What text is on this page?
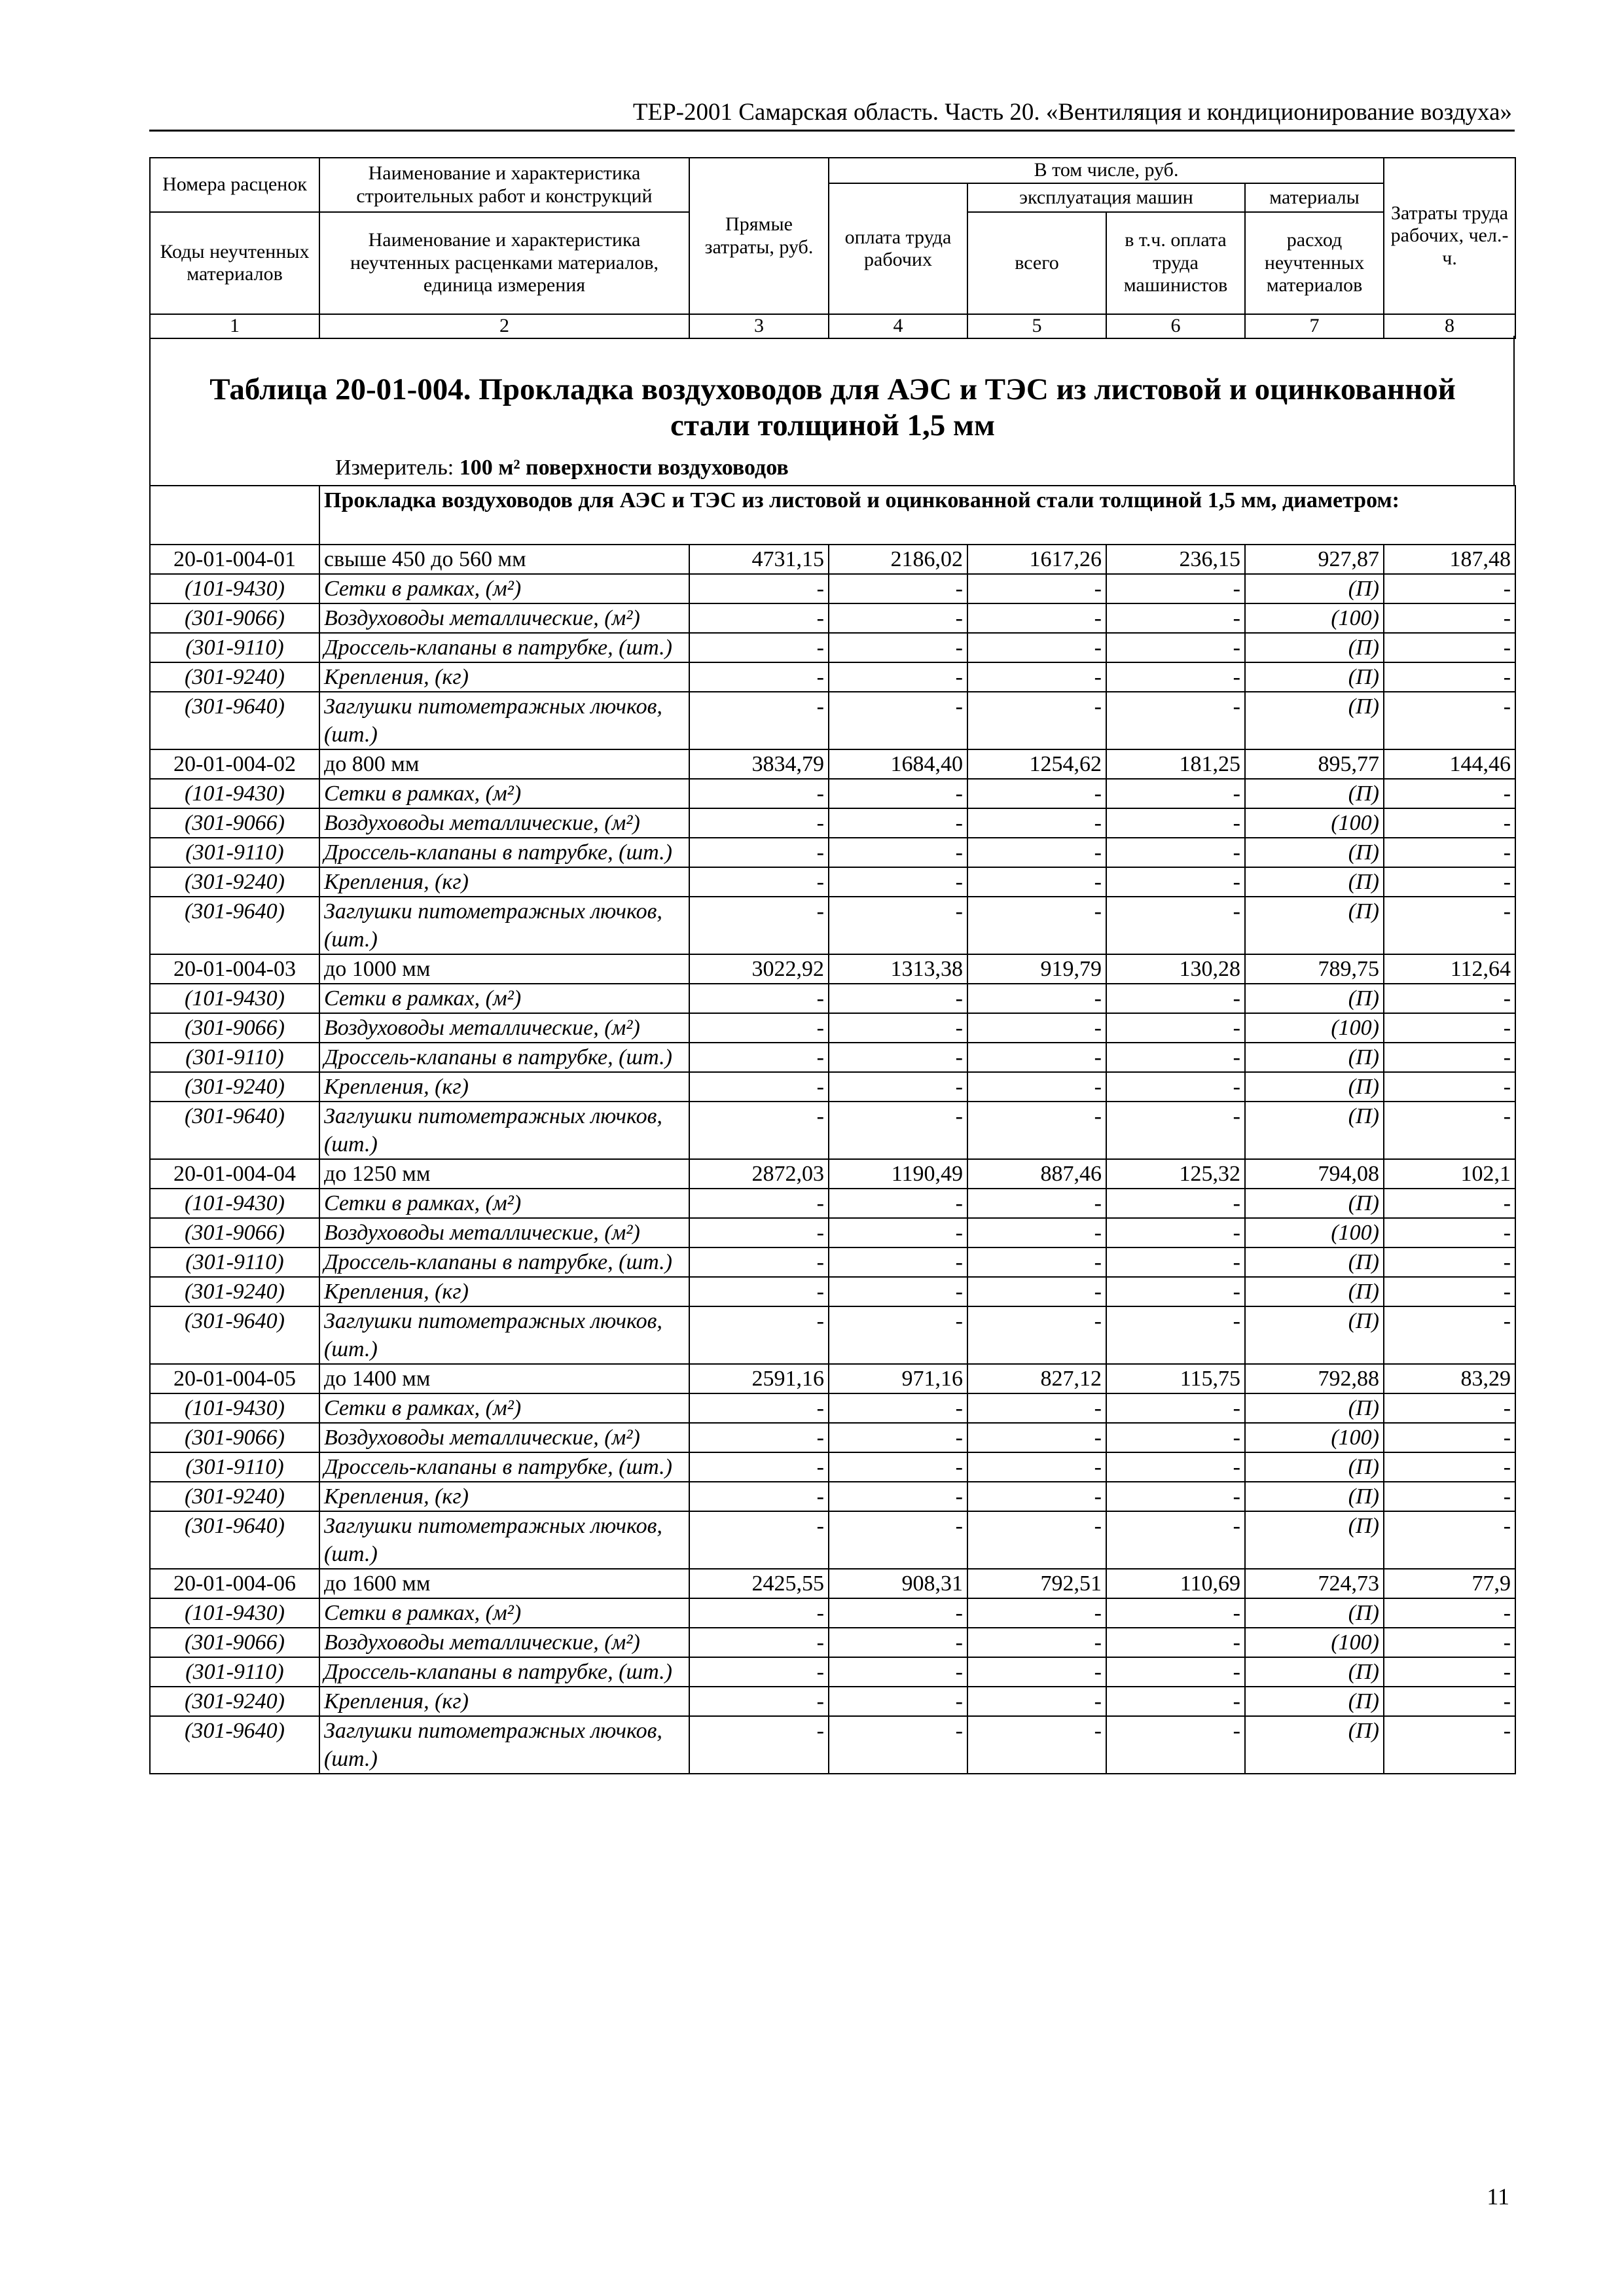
ТЕР-2001 Самарская область. Часть 20. «Вентиляция и кондиционирование воздуха»
Номера расценок	Наименование и характеристика строительных работ и конструкций	Прямые затраты, руб.	В том числе, руб.				Затраты труда рабочих, чел.-ч.
			оплата труда рабочих	эксплуатация машин		материалы	
Коды неучтенных материалов	Наименование и характеристика неучтенных расценками материалов, единица измерения			всего	в т.ч. оплата труда машинистов	расход неучтенных материалов	

1	2	3	4	5	6	7	8
Таблица 20-01-004. Прокладка воздуховодов для АЭС и ТЭС из листовой и оцинкованной стали толщиной 1,5 мм
Измеритель: 100 м² поверхности воздуховодов
	Прокладка воздуховодов для АЭС и ТЭС из листовой и оцинкованной стали толщиной 1,5 мм, диаметром:						
20-01-004-01	свыше 450 до 560 мм	4731,15	2186,02	1617,26	236,15	927,87	187,48
(101-9430)	Сетки в рамках, (м²)	-	-	-	-	(П)	-
(301-9066)	Воздуховоды металлические, (м²)	-	-	-	-	(100)	-
(301-9110)	Дроссель-клапаны в патрубке, (шт.)	-	-	-	-	(П)	-
(301-9240)	Крепления, (кг)	-	-	-	-	(П)	-
(301-9640)	Заглушки питометражных лючков, (шт.)	-	-	-	-	(П)	-
20-01-004-02	до 800 мм	3834,79	1684,40	1254,62	181,25	895,77	144,46
(101-9430)	Сетки в рамках, (м²)	-	-	-	-	(П)	-
(301-9066)	Воздуховоды металлические, (м²)	-	-	-	-	(100)	-
(301-9110)	Дроссель-клапаны в патрубке, (шт.)	-	-	-	-	(П)	-
(301-9240)	Крепления, (кг)	-	-	-	-	(П)	-
(301-9640)	Заглушки питометражных лючков, (шт.)	-	-	-	-	(П)	-
20-01-004-03	до 1000 мм	3022,92	1313,38	919,79	130,28	789,75	112,64
(101-9430)	Сетки в рамках, (м²)	-	-	-	-	(П)	-
(301-9066)	Воздуховоды металлические, (м²)	-	-	-	-	(100)	-
(301-9110)	Дроссель-клапаны в патрубке, (шт.)	-	-	-	-	(П)	-
(301-9240)	Крепления, (кг)	-	-	-	-	(П)	-
(301-9640)	Заглушки питометражных лючков, (шт.)	-	-	-	-	(П)	-
20-01-004-04	до 1250 мм	2872,03	1190,49	887,46	125,32	794,08	102,1
(101-9430)	Сетки в рамках, (м²)	-	-	-	-	(П)	-
(301-9066)	Воздуховоды металлические, (м²)	-	-	-	-	(100)	-
(301-9110)	Дроссель-клапаны в патрубке, (шт.)	-	-	-	-	(П)	-
(301-9240)	Крепления, (кг)	-	-	-	-	(П)	-
(301-9640)	Заглушки питометражных лючков, (шт.)	-	-	-	-	(П)	-
20-01-004-05	до 1400 мм	2591,16	971,16	827,12	115,75	792,88	83,29
(101-9430)	Сетки в рамках, (м²)	-	-	-	-	(П)	-
(301-9066)	Воздуховоды металлические, (м²)	-	-	-	-	(100)	-
(301-9110)	Дроссель-клапаны в патрубке, (шт.)	-	-	-	-	(П)	-
(301-9240)	Крепления, (кг)	-	-	-	-	(П)	-
(301-9640)	Заглушки питометражных лючков, (шт.)	-	-	-	-	(П)	-
20-01-004-06	до 1600 мм	2425,55	908,31	792,51	110,69	724,73	77,9
(101-9430)	Сетки в рамках, (м²)	-	-	-	-	(П)	-
(301-9066)	Воздуховоды металлические, (м²)	-	-	-	-	(100)	-
(301-9110)	Дроссель-клапаны в патрубке, (шт.)	-	-	-	-	(П)	-
(301-9240)	Крепления, (кг)	-	-	-	-	(П)	-
(301-9640)	Заглушки питометражных лючков, (шт.)	-	-	-	-	(П)	-
11
